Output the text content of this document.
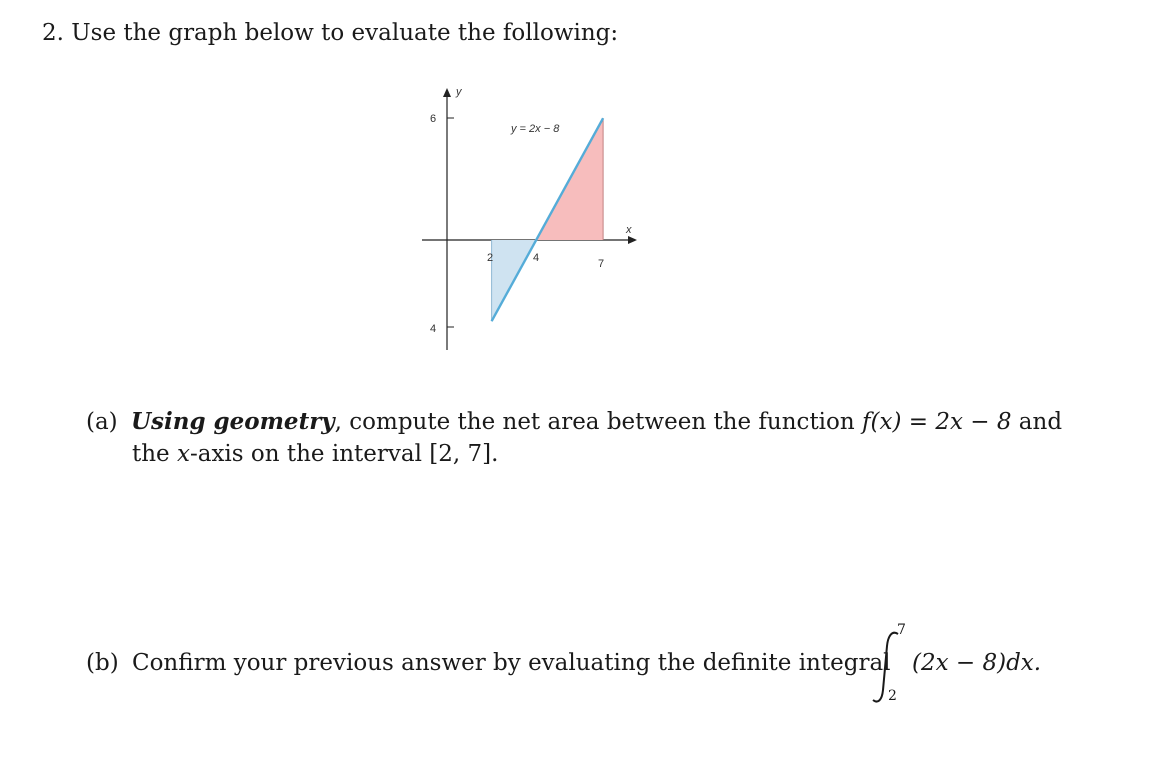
2. Use the graph below to evaluate the following:
y
x
6
4
y = 2x − 8
2	4	7
(a) Using geometry, compute the net area between the function f(x) = 2x − 8 and
the x-axis on the interval [2, 7].
(b) Confirm your previous answer by evaluating the definite integral
7
2
(2x − 8)dx.
